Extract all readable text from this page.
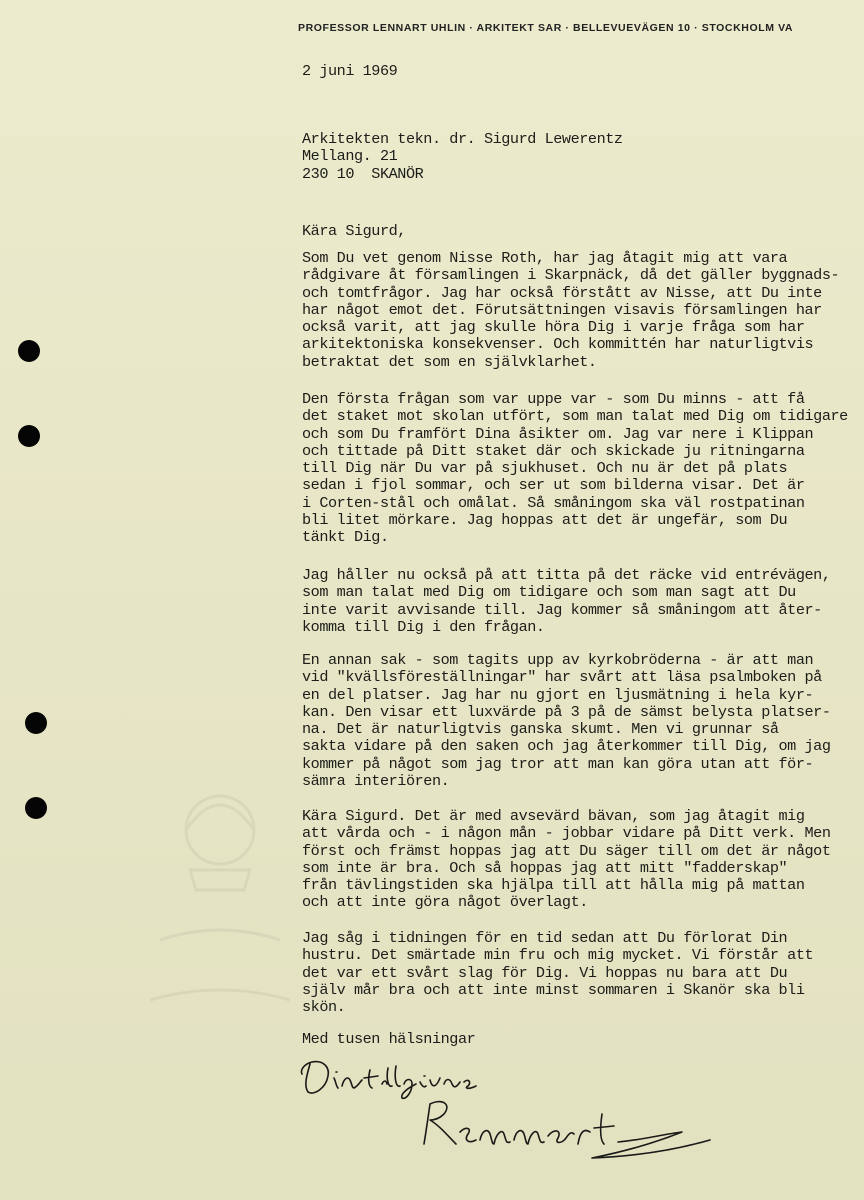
PROFESSOR LENNART UHLIN · ARKITEKT SAR · BELLEVUEVÄGEN 10 · STOCKHOLM VA
2 juni 1969
Arkitekten tekn. dr. Sigurd Lewerentz
Mellang. 21
230 10  SKANÖR
Kära Sigurd,
Som Du vet genom Nisse Roth, har jag åtagit mig att vara
rådgivare åt församlingen i Skarpnäck, då det gäller byggnads-
och tomtfrågor. Jag har också förstått av Nisse, att Du inte
har något emot det. Förutsättningen visavis församlingen har
också varit, att jag skulle höra Dig i varje fråga som har
arkitektoniska konsekvenser. Och kommittén har naturligtvis
betraktat det som en självklarhet.
Den första frågan som var uppe var - som Du minns - att få
det staket mot skolan utfört, som man talat med Dig om tidigare
och som Du framfört Dina åsikter om. Jag var nere i Klippan
och tittade på Ditt staket där och skickade ju ritningarna
till Dig när Du var på sjukhuset. Och nu är det på plats
sedan i fjol sommar, och ser ut som bilderna visar. Det är
i Corten-stål och omålat. Så småningom ska väl rostpatinan
bli litet mörkare. Jag hoppas att det är ungefär, som Du
tänkt Dig.
Jag håller nu också på att titta på det räcke vid entrévägen,
som man talat med Dig om tidigare och som man sagt att Du
inte varit avvisande till. Jag kommer så småningom att åter-
komma till Dig i den frågan.
En annan sak - som tagits upp av kyrkobröderna - är att man
vid "kvällsföreställningar" har svårt att läsa psalmboken på
en del platser. Jag har nu gjort en ljusmätning i hela kyr-
kan. Den visar ett luxvärde på 3 på de sämst belysta platser-
na. Det är naturligtvis ganska skumt. Men vi grunnar så
sakta vidare på den saken och jag återkommer till Dig, om jag
kommer på något som jag tror att man kan göra utan att för-
sämra interiören.
Kära Sigurd. Det är med avsevärd bävan, som jag åtagit mig
att vårda och - i någon mån - jobbar vidare på Ditt verk. Men
först och främst hoppas jag att Du säger till om det är något
som inte är bra. Och så hoppas jag att mitt "fadderskap"
från tävlingstiden ska hjälpa till att hålla mig på mattan
och att inte göra något överlagt.
Jag såg i tidningen för en tid sedan att Du förlorat Din
hustru. Det smärtade min fru och mig mycket. Vi förstår att
det var ett svårt slag för Dig. Vi hoppas nu bara att Du
själv mår bra och att inte minst sommaren i Skanör ska bli
skön.
Med tusen hälsningar
